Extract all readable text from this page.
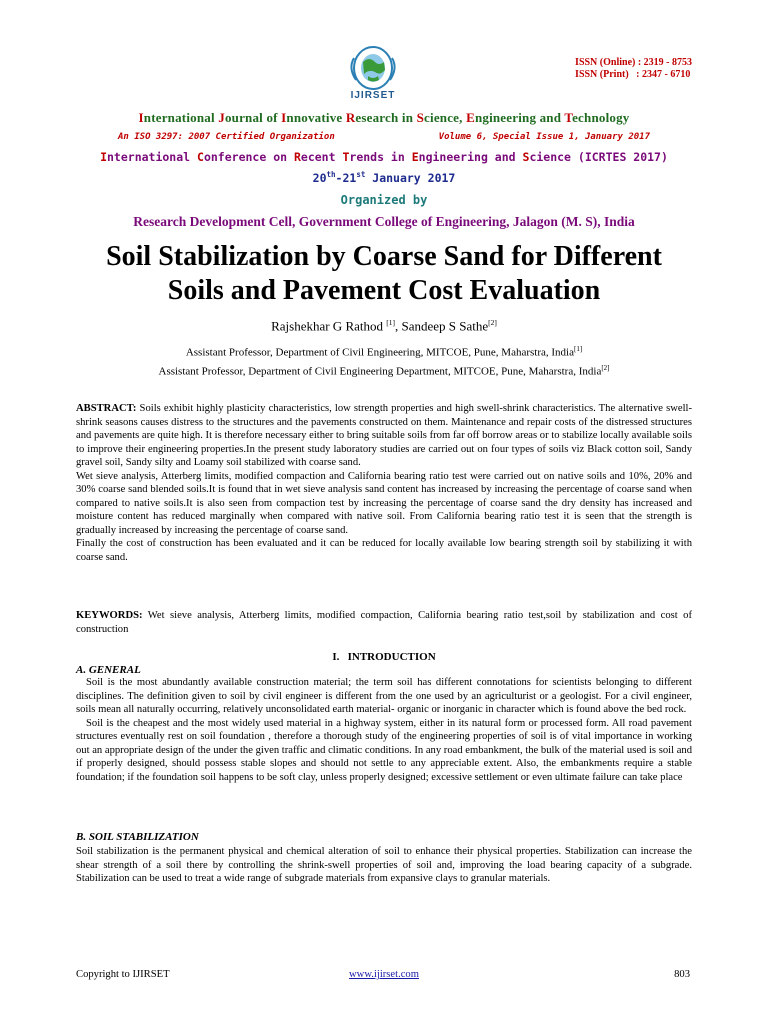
IJIRSET
ISSN (Online) : 2319 - 8753
ISSN (Print)   : 2347 - 6710
International Journal of Innovative Research in Science, Engineering and Technology
An ISO 3297: 2007 Certified Organization	Volume 6, Special Issue 1, January 2017
International Conference on Recent Trends in Engineering and Science (ICRTES 2017)
20th-21st January 2017
Organized by
Research Development Cell, Government College of Engineering, Jalagon (M. S), India
Soil Stabilization by Coarse Sand for Different
Soils and Pavement Cost Evaluation
Rajshekhar G Rathod [1], Sandeep S Sathe[2]
Assistant Professor, Department of Civil Engineering, MITCOE, Pune, Maharstra, India[1]
Assistant Professor, Department of Civil Engineering Department, MITCOE, Pune, Maharstra, India[2]

ABSTRACT: Soils exhibit highly plasticity characteristics, low strength properties and high swell-shrink characteristics. The alternative swell-shrink seasons causes distress to the structures and the pavements constructed on them. Maintenance and repair costs of the distressed structures and pavements are quite high. It is therefore necessary either to bring suitable soils from far off borrow areas or to stabilize locally available soils to improve their engineering properties.In the present study laboratory studies are carried out on four types of soils viz Black cotton soil, Sandy gravel soil, Sandy silty and Loamy soil stabilized with coarse sand.

Wet sieve analysis, Atterberg limits, modified compaction and California bearing ratio test were carried out on native soils and 10%, 20% and 30% coarse sand blended soils.It is found that in wet sieve analysis sand content has increased by increasing the percentage of coarse sand when compared to native soils.It is also seen from compaction test by increasing the percentage of coarse sand the dry density has increased and moisture content has reduced marginally when compared with native soil. From California bearing ratio test it is seen that the strength is gradually increased by increasing the percentage of coarse sand.

Finally the cost of construction has been evaluated and it can be reduced for locally available low bearing strength soil by stabilizing it with coarse sand.

KEYWORDS: Wet sieve analysis, Atterberg limits, modified compaction, California bearing ratio test,soil by stabilization and cost of construction

I.   INTRODUCTION
A. GENERAL

Soil is the most abundantly available construction material; the term soil has different connotations for scientists belonging to different disciplines. The definition given to soil by civil engineer is different from the one used by an agriculturist or a geologist. For a civil engineer, soils mean all naturally occurring, relatively unconsolidated earth material- organic or inorganic in character which is found above the bed rock.

Soil is the cheapest and the most widely used material in a highway system, either in its natural form or processed form. All road pavement structures eventually rest on soil foundation , therefore a thorough study of the engineering properties of soil is of vital importance in working out an appropriate design of the under the given traffic and climatic conditions. In any road embankment, the bulk of the material used is soil and if properly designed, should possess stable slopes and should not settle to any appreciable extent. Also, the embankments require a stable foundation; if the foundation soil happens to be soft clay, unless properly designed; excessive settlement or even ultimate failure can take place

B. SOIL STABILIZATION

Soil stabilization is the permanent physical and chemical alteration of soil to enhance their physical properties. Stabilization can increase the shear strength of a soil there by controlling the shrink-swell properties of soil and, improving the load bearing capacity of a subgrade. Stabilization can be used to treat a wide range of subgrade materials from expansive clays to granular materials.

Copyright to IJIRSET	www.ijirset.com	803
